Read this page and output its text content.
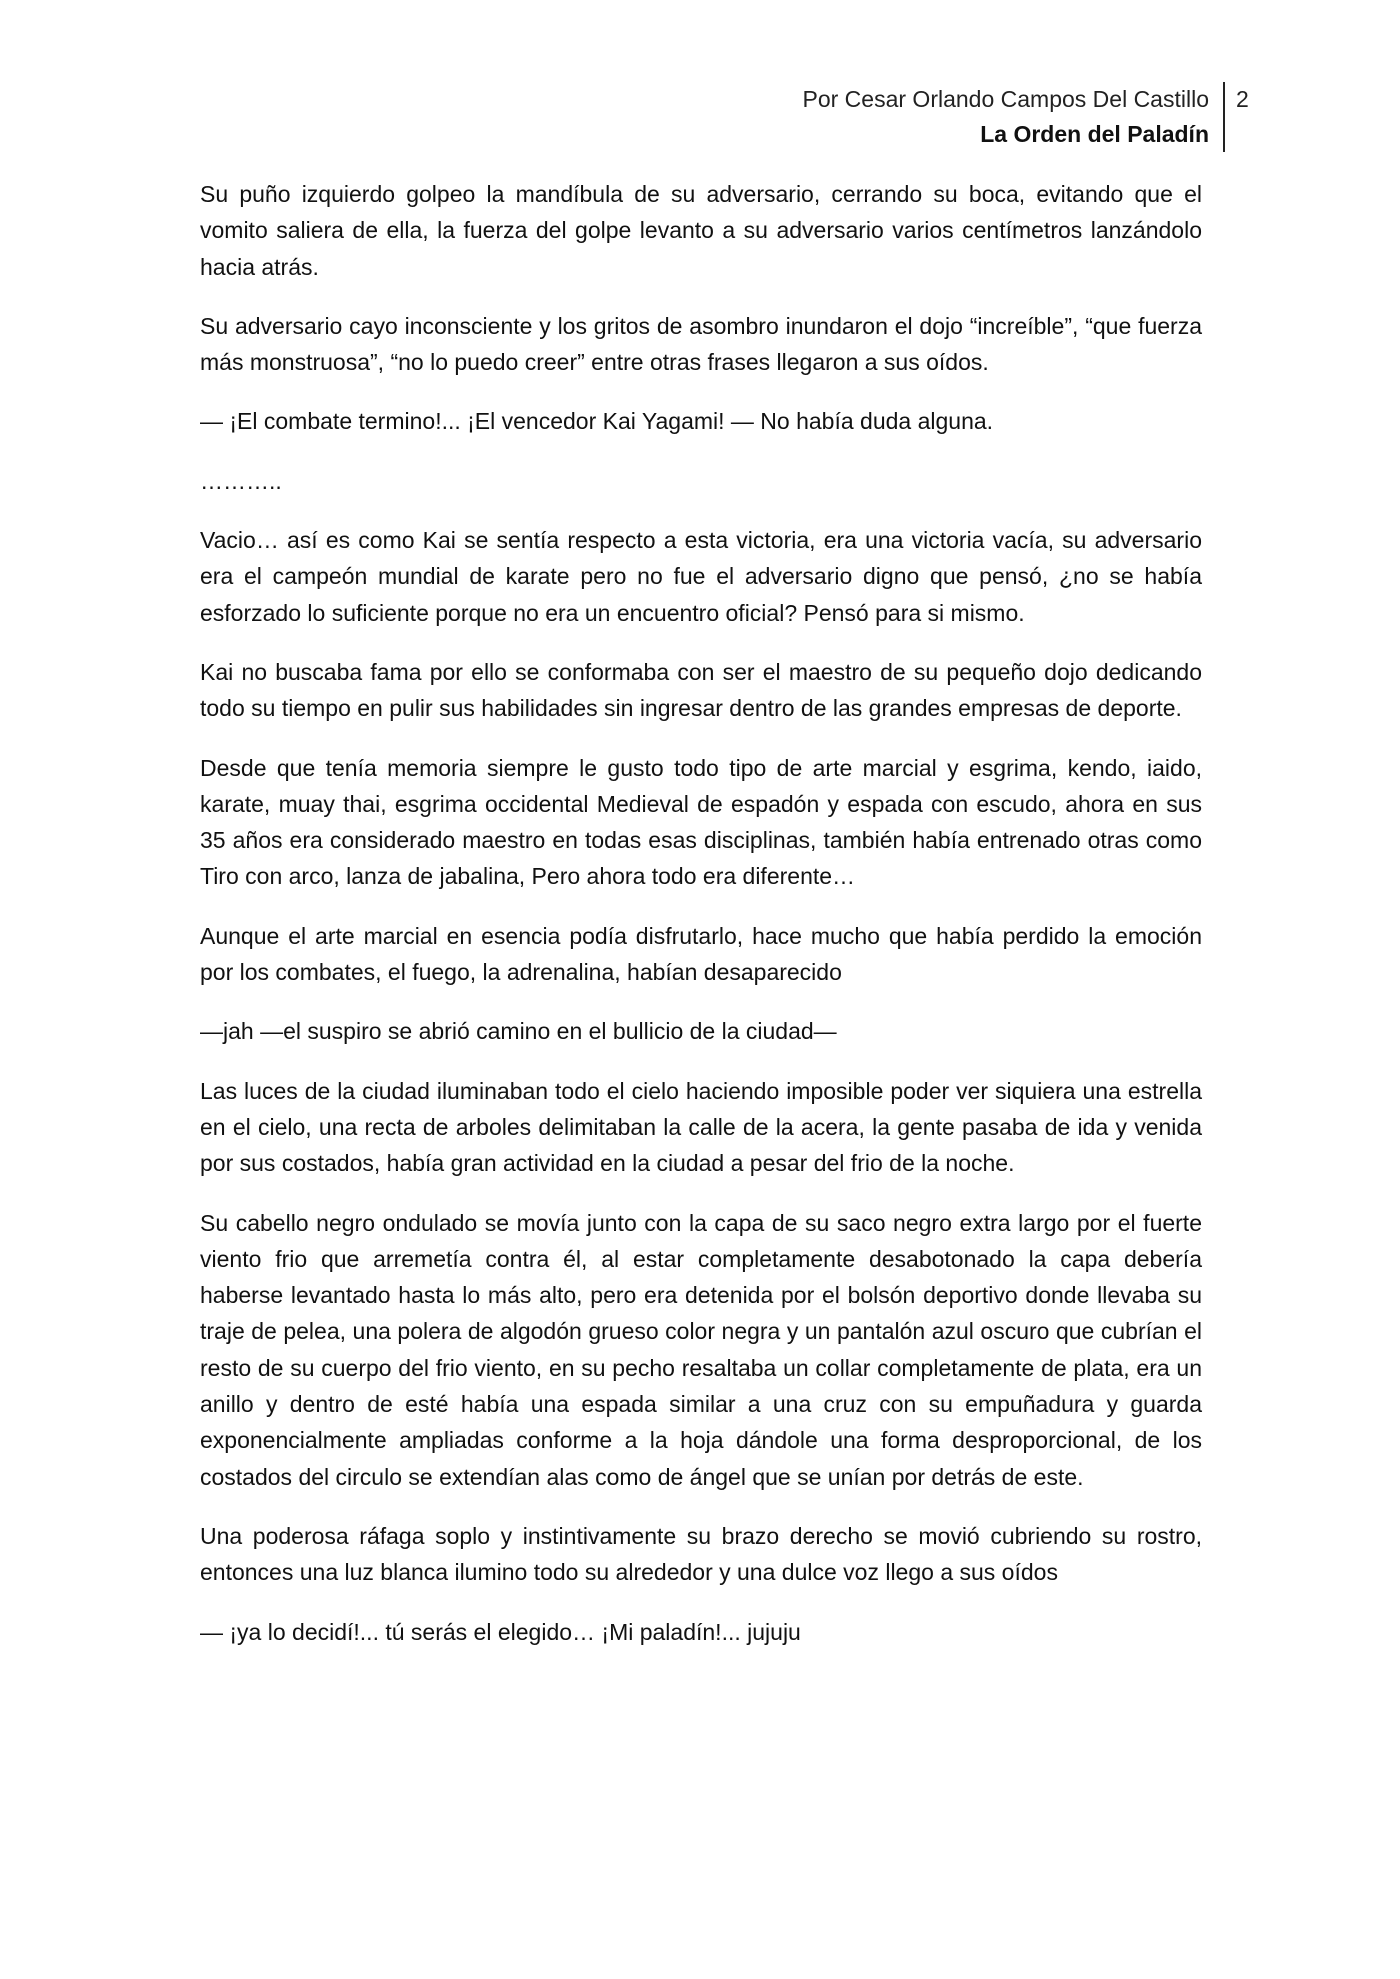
Por Cesar Orlando Campos Del Castillo
La Orden del Paladín
2

Su puño izquierdo golpeo la mandíbula de su adversario, cerrando su boca, evitando que el vomito saliera de ella, la fuerza del golpe levanto a su adversario varios centímetros lanzándolo hacia atrás.

Su adversario cayo inconsciente y los gritos de asombro inundaron el dojo “increíble”, “que fuerza más monstruosa”, “no lo puedo creer” entre otras frases llegaron a sus oídos.

— ¡El combate termino!... ¡El vencedor Kai Yagami! — No había duda alguna.

………..

Vacio… así es como Kai se sentía respecto a esta victoria, era una victoria vacía, su adversario era el campeón mundial de karate pero no fue el adversario digno que pensó, ¿no se había esforzado lo suficiente porque no era un encuentro oficial? Pensó para si mismo.

Kai no buscaba fama por ello se conformaba con ser el maestro de su pequeño dojo dedicando todo su tiempo en pulir sus habilidades sin ingresar dentro de las grandes empresas de deporte.

Desde que tenía memoria siempre le gusto todo tipo de arte marcial y esgrima, kendo, iaido, karate, muay thai, esgrima occidental Medieval de espadón y espada con escudo, ahora en sus 35 años era considerado maestro en todas esas disciplinas, también había entrenado otras como Tiro con arco, lanza de jabalina, Pero ahora todo era diferente…

Aunque el arte marcial en esencia podía disfrutarlo, hace mucho que había perdido la emoción por los combates, el fuego, la adrenalina, habían desaparecido

—jah —el suspiro se abrió camino en el bullicio de la ciudad—

Las luces de la ciudad iluminaban todo el cielo haciendo imposible poder ver siquiera una estrella en el cielo, una recta de arboles delimitaban la calle de la acera, la gente pasaba de ida y venida por sus costados, había gran actividad en la ciudad a pesar del frio de la noche.

Su cabello negro ondulado se movía junto con la capa de su saco negro extra largo por el fuerte viento frio que arremetía contra él, al estar completamente desabotonado la capa debería haberse levantado hasta lo más alto, pero era detenida por el bolsón deportivo donde llevaba su traje de pelea, una polera de algodón grueso color negra y un pantalón azul oscuro que cubrían el resto de su cuerpo del frio viento, en su pecho resaltaba un collar completamente de plata, era un anillo y dentro de esté había una espada similar a una cruz con su empuñadura y guarda exponencialmente ampliadas conforme a la hoja dándole una forma desproporcional, de los costados del circulo se extendían alas como de ángel que se unían por detrás de este.

Una poderosa ráfaga soplo y instintivamente su brazo derecho se movió cubriendo su rostro, entonces una luz blanca ilumino todo su alrededor y una dulce voz llego a sus oídos

— ¡ya lo decidí!... tú serás el elegido… ¡Mi paladín!... jujuju
